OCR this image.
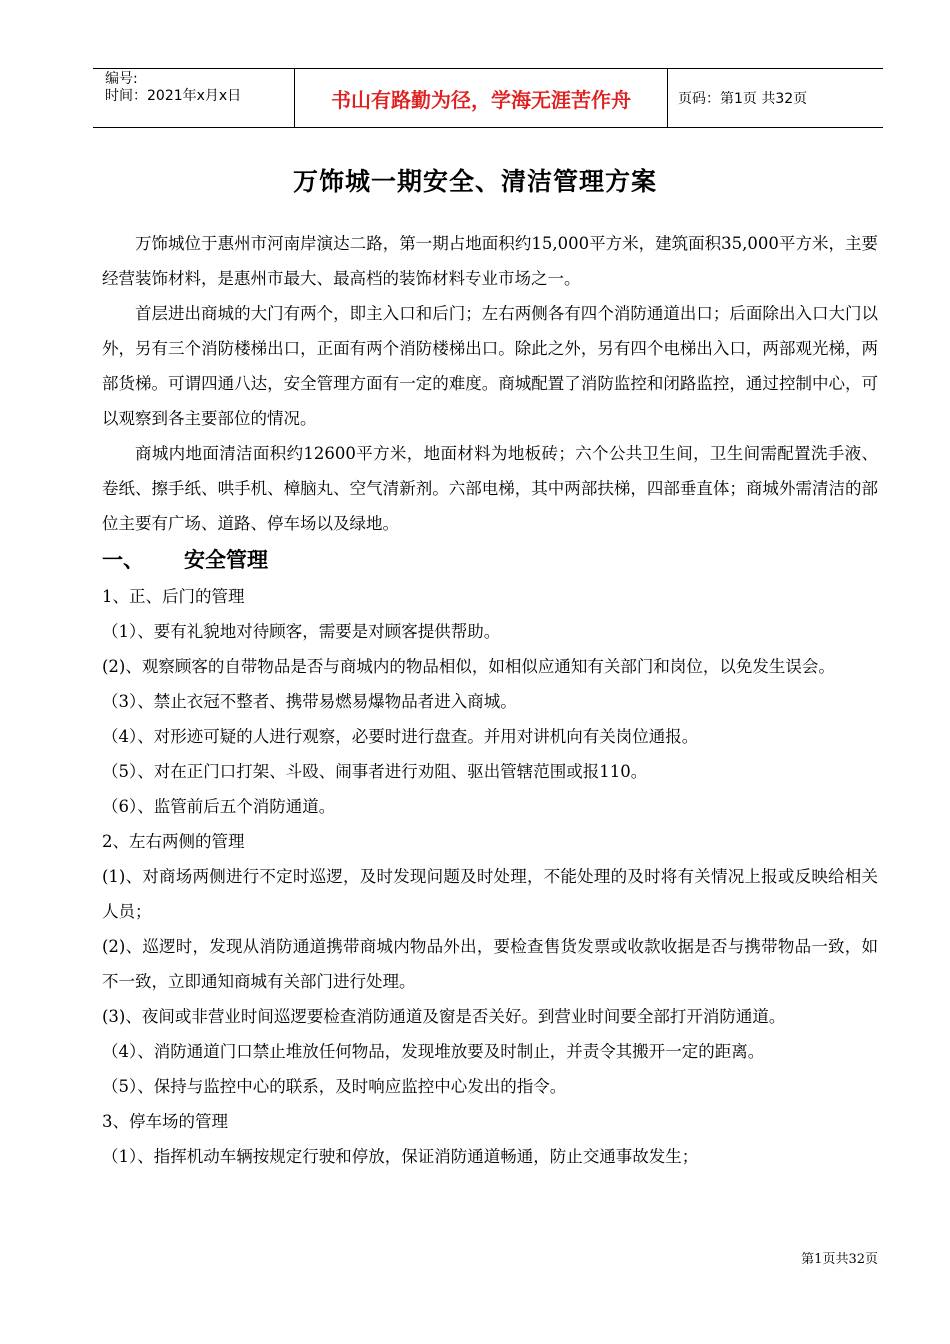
编号:
时间：2021年x月x日	书山有路勤为径，学海无涯苦作舟	页码：第1页 共32页
万饰城一期安全、清洁管理方案
万饰城位于惠州市河南岸演达二路，第一期占地面积约15,000平方米，建筑面积35,000平方米，主要经营装饰材料，是惠州市最大、最高档的装饰材料专业市场之一。
首层进出商城的大门有两个，即主入口和后门；左右两侧各有四个消防通道出口；后面除出入口大门以外，另有三个消防楼梯出口，正面有两个消防楼梯出口。除此之外，另有四个电梯出入口，两部观光梯，两部货梯。可谓四通八达，安全管理方面有一定的难度。商城配置了消防监控和闭路监控，通过控制中心，可以观察到各主要部位的情况。
商城内地面清洁面积约12600平方米，地面材料为地板砖；六个公共卫生间，卫生间需配置洗手液、卷纸、擦手纸、哄手机、樟脑丸、空气清新剂。六部电梯，其中两部扶梯，四部垂直体；商城外需清洁的部位主要有广场、道路、停车场以及绿地。
一、 安全管理
1、正、后门的管理
（1）、要有礼貌地对待顾客，需要是对顾客提供帮助。
(2)、观察顾客的自带物品是否与商城内的物品相似，如相似应通知有关部门和岗位，以免发生误会。
（3）、禁止衣冠不整者、携带易燃易爆物品者进入商城。
（4）、对形迹可疑的人进行观察，必要时进行盘查。并用对讲机向有关岗位通报。
（5）、对在正门口打架、斗殴、闹事者进行劝阻、驱出管辖范围或报110。
（6）、监管前后五个消防通道。
2、左右两侧的管理
(1)、对商场两侧进行不定时巡逻，及时发现问题及时处理，不能处理的及时将有关情况上报或反映给相关人员；
(2)、巡逻时，发现从消防通道携带商城内物品外出，要检查售货发票或收款收据是否与携带物品一致，如不一致，立即通知商城有关部门进行处理。
(3)、夜间或非营业时间巡逻要检查消防通道及窗是否关好。到营业时间要全部打开消防通道。
（4）、消防通道门口禁止堆放任何物品，发现堆放要及时制止，并责令其搬开一定的距离。
（5）、保持与监控中心的联系，及时响应监控中心发出的指令。
3、停车场的管理
（1）、指挥机动车辆按规定行驶和停放，保证消防通道畅通，防止交通事故发生；
第1页共32页
